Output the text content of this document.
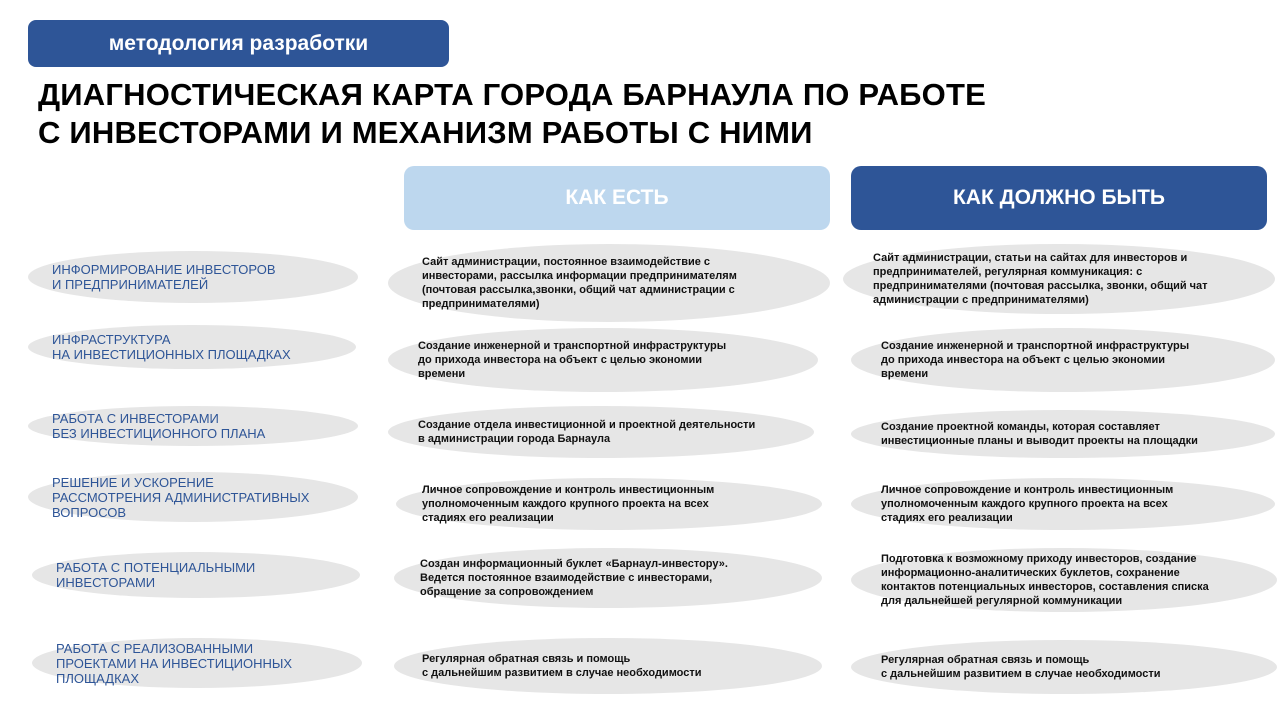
методология разработки
ДИАГНОСТИЧЕСКАЯ КАРТА ГОРОДА БАРНАУЛА ПО РАБОТЕ
С ИНВЕСТОРАМИ И МЕХАНИЗМ РАБОТЫ С НИМИ
КАК ЕСТЬ	КАК ДОЛЖНО БЫТЬ
ИНФОРМИРОВАНИЕ ИНВЕСТОРОВ
И ПРЕДПРИНИМАТЕЛЕЙ
Сайт администрации, постоянное взаимодействие с
инвесторами, рассылка информации предпринимателям
(почтовая рассылка,звонки, общий чат администрации с
предпринимателями)
Сайт администрации, статьи на сайтах для инвесторов и
предпринимателей, регулярная коммуникация: с
предпринимателями (почтовая рассылка, звонки, общий чат
администрации с предпринимателями)
ИНФРАСТРУКТУРА
НА ИНВЕСТИЦИОННЫХ ПЛОЩАДКАХ
Создание инженерной и транспортной инфраструктуры
до прихода инвестора на объект с целью экономии
времени
Создание инженерной и транспортной инфраструктуры
до прихода инвестора на объект с целью экономии
времени
РАБОТА С ИНВЕСТОРАМИ
БЕЗ ИНВЕСТИЦИОННОГО ПЛАНА
Создание отдела инвестиционной и проектной деятельности
в администрации города Барнаула
Создание проектной команды, которая составляет
инвестиционные планы и выводит проекты на площадки
РЕШЕНИЕ И УСКОРЕНИЕ
РАССМОТРЕНИЯ АДМИНИСТРАТИВНЫХ
ВОПРОСОВ
Личное сопровождение и контроль инвестиционным
уполномоченным каждого крупного проекта на всех
стадиях его реализации
Личное сопровождение и контроль инвестиционным
уполномоченным каждого крупного проекта на всех
стадиях его реализации
РАБОТА С ПОТЕНЦИАЛЬНЫМИ
ИНВЕСТОРАМИ
Создан информационный буклет «Барнаул-инвестору».
Ведется постоянное взаимодействие с инвесторами,
обращение за сопровождением
Подготовка к возможному приходу инвесторов, создание
информационно-аналитических буклетов, сохранение
контактов потенциальных инвесторов, составления списка
для дальнейшей регулярной коммуникации
РАБОТА С РЕАЛИЗОВАННЫМИ
ПРОЕКТАМИ НА ИНВЕСТИЦИОННЫХ
ПЛОЩАДКАХ
Регулярная обратная связь и помощь
с дальнейшим развитием в случае необходимости
Регулярная обратная связь и помощь
с дальнейшим развитием в случае необходимости
